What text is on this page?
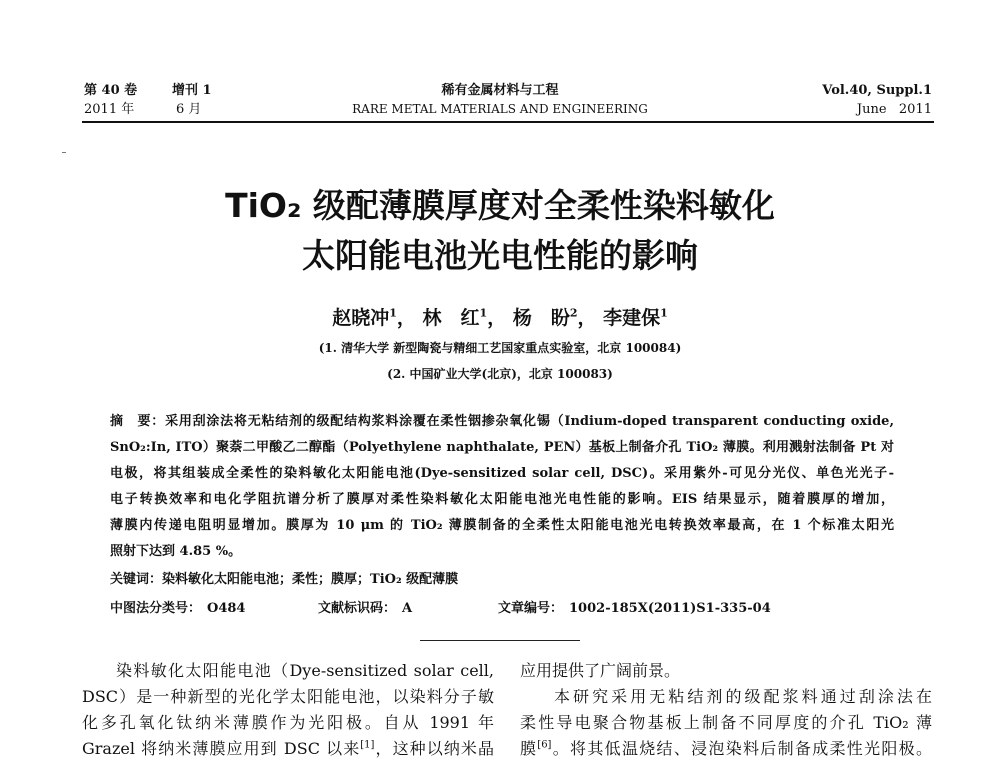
第 40 卷	增刊 1	稀有金属材料与工程	Vol.40, Suppl.1
2011 年	6 月	RARE METAL MATERIALS AND ENGINEERING	June   2011
TiO₂ 级配薄膜厚度对全柔性染料敏化
太阳能电池光电性能的影响
赵晓冲$^1$， 林　红$^1$， 杨　盼$^2$， 李建保$^1$
(1. 清华大学 新型陶瓷与精细工艺国家重点实验室，北京 100084)
(2. 中国矿业大学(北京)，北京 100083)
摘　要：采用刮涂法将无粘结剂的级配结构浆料涂覆在柔性铟掺杂氧化锡（Indium-doped transparent conducting oxide,
SnO₂:In, ITO）聚萘二甲酸乙二醇酯（Polyethylene naphthalate, PEN）基板上制备介孔 TiO₂ 薄膜。利用溅射法制备 Pt 对
电极，将其组装成全柔性的染料敏化太阳能电池(Dye-sensitized solar cell, DSC)。采用紫外-可见分光仪、单色光光子-
电子转换效率和电化学阻抗谱分析了膜厚对柔性染料敏化太阳能电池光电性能的影响。EIS 结果显示，随着膜厚的增加，
薄膜内传递电阻明显增加。膜厚为 10 μm 的 TiO₂ 薄膜制备的全柔性太阳能电池光电转换效率最高，在 1 个标准太阳光
照射下达到 4.85 %。
关键词：染料敏化太阳能电池；柔性；膜厚；TiO₂ 级配薄膜
中图法分类号： O484	文献标识码： A	文章编号： 1002-185X(2011)S1-335-04
染料敏化太阳能电池（Dye-sensitized solar cell,
DSC）是一种新型的光化学太阳能电池，以染料分子敏
化多孔氧化钛纳米薄膜作为光阳极。自从 1991 年
Grazel 将纳米薄膜应用到 DSC 以来[1]，这种以纳米晶
应用提供了广阔前景。
本研究采用无粘结剂的级配浆料通过刮涂法在
柔性导电聚合物基板上制备不同厚度的介孔 TiO₂ 薄
膜[6]。将其低温烧结、浸泡染料后制备成柔性光阳极。
